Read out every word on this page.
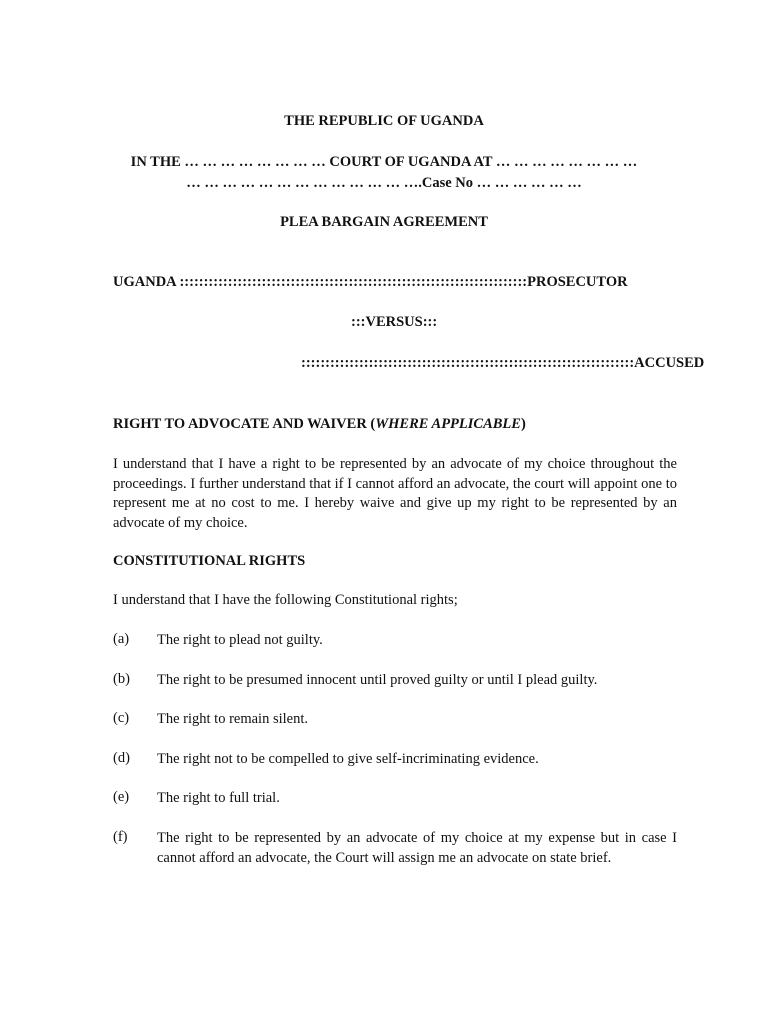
THE REPUBLIC OF UGANDA
IN THE … … … … … … … … COURT OF UGANDA AT … … … … … … … …
… … … … … … … … … … … … ….Case No … … … … … …
PLEA BARGAIN AGREEMENT
UGANDA ::::::::::::::::::::::::::::::::::::::::::::::::::::::::::::::::::::::::PROSECUTOR
:::VERSUS:::
:::::::::::::::::::::::::::::::::::::::::::::::::::::::::::::::::::::ACCUSED
RIGHT TO ADVOCATE AND WAIVER (WHERE APPLICABLE)
I understand that I have a right to be represented by an advocate of my choice throughout the proceedings. I further understand that if I cannot afford an advocate, the court will appoint one to represent me at no cost to me. I hereby waive and give up my right to be represented by an advocate of my choice.
CONSTITUTIONAL RIGHTS
I understand that I have the following Constitutional rights;
(a) The right to plead not guilty.
(b) The right to be presumed innocent until proved guilty or until I plead guilty.
(c) The right to remain silent.
(d) The right not to be compelled to give self-incriminating evidence.
(e) The right to full trial.
(f) The right to be represented by an advocate of my choice at my expense but in case I cannot afford an advocate, the Court will assign me an advocate on state brief.
